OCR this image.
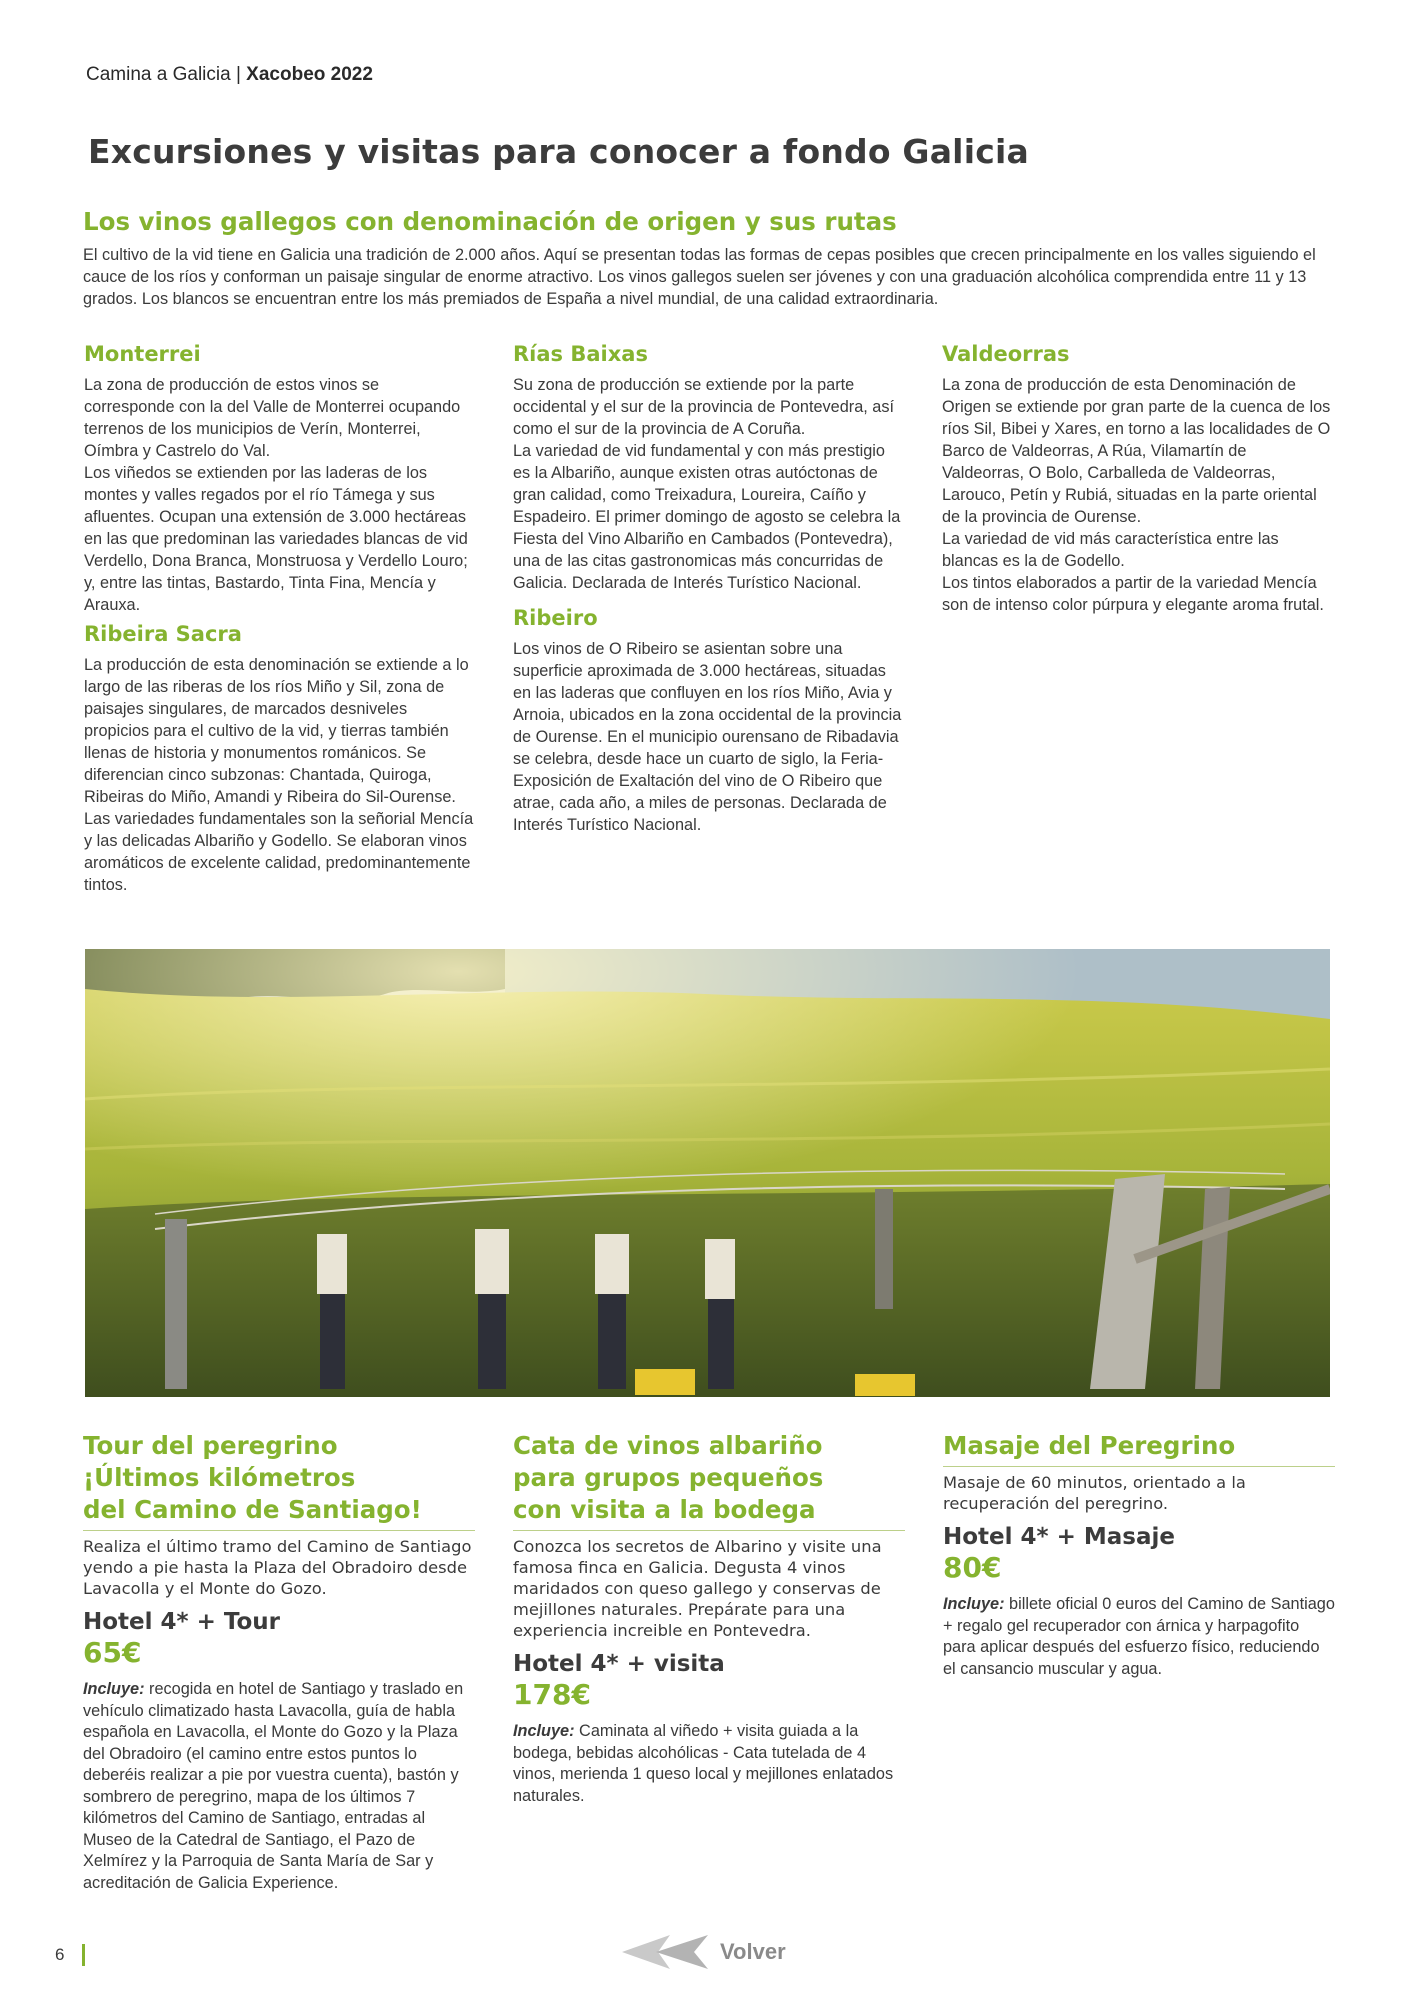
Camina a Galicia | Xacobeo 2022
Excursiones y visitas para conocer a fondo Galicia
Los vinos gallegos con denominación de origen y sus rutas

El cultivo de la vid tiene en Galicia una tradición de 2.000 años. Aquí se presentan todas las formas de cepas posibles que crecen principalmente en los valles siguiendo el cauce de los ríos y conforman un paisaje singular de enorme atractivo. Los vinos gallegos suelen ser jóvenes y con una graduación alcohólica comprendida entre 11 y 13 grados. Los blancos se encuentran entre los más premiados de España a nivel mundial, de una calidad extraordinaria.

Monterrei

La zona de producción de estos vinos se corresponde con la del Valle de Monterrei ocupando terrenos de los municipios de Verín, Monterrei, Oímbra y Castrelo do Val.

Los viñedos se extienden por las laderas de los montes y valles regados por el río Támega y sus afluentes. Ocupan una extensión de 3.000 hectáreas en las que predominan las variedades blancas de vid Verdello, Dona Branca, Monstruosa y Verdello Louro; y, entre las tintas, Bastardo, Tinta Fina, Mencía y Arauxa.

Ribeira Sacra

La producción de esta denominación se extiende a lo largo de las riberas de los ríos Miño y Sil, zona de paisajes singulares, de marcados desniveles propicios para el cultivo de la vid, y tierras también llenas de historia y monumentos románicos. Se diferencian cinco subzonas: Chantada, Quiroga, Ribeiras do Miño, Amandi y Ribeira do Sil-Ourense. Las variedades fundamentales son la señorial Mencía y las delicadas Albariño y Godello. Se elaboran vinos aromáticos de excelente calidad, predominantemente tintos.

Rías Baixas

Su zona de producción se extiende por la parte occidental y el sur de la provincia de Pontevedra, así como el sur de la provincia de A Coruña.

La variedad de vid fundamental y con más prestigio es la Albariño, aunque existen otras autóctonas de gran calidad, como Treixadura, Loureira, Caíño y Espadeiro. El primer domingo de agosto se celebra la Fiesta del Vino Albariño en Cambados (Pontevedra), una de las citas gastronomicas más concurridas de Galicia. Declarada de Interés Turístico Nacional.

Ribeiro

Los vinos de O Ribeiro se asientan sobre una superficie aproximada de 3.000 hectáreas, situadas en las laderas que confluyen en los ríos Miño, Avia y Arnoia, ubicados en la zona occidental de la provincia de Ourense. En el municipio ourensano de Ribadavia se celebra, desde hace un cuarto de siglo, la Feria-Exposición de Exaltación del vino de O Ribeiro que atrae, cada año, a miles de personas. Declarada de Interés Turístico Nacional.

Valdeorras

La zona de producción de esta Denominación de Origen se extiende por gran parte de la cuenca de los ríos Sil, Bibei y Xares, en torno a las localidades de O Barco de Valdeorras, A Rúa, Vilamartín de Valdeorras, O Bolo, Carballeda de Valdeorras, Larouco, Petín y Rubiá, situadas en la parte oriental de la provincia de Ourense.

La variedad de vid más característica entre las blancas es la de Godello.

Los tintos elaborados a partir de la variedad Mencía son de intenso color púrpura y elegante aroma frutal.

Tour del peregrino
¡Últimos kilómetros
del Camino de Santiago!

Realiza el último tramo del Camino de Santiago yendo a pie hasta la Plaza del Obradoiro desde Lavacolla y el Monte do Gozo.

Hotel 4* + Tour
65€

Incluye: recogida en hotel de Santiago y traslado en vehículo climatizado hasta Lavacolla, guía de habla española en Lavacolla, el Monte do Gozo y la Plaza del Obradoiro (el camino entre estos puntos lo deberéis realizar a pie por vuestra cuenta), bastón y sombrero de peregrino, mapa de los últimos 7 kilómetros del Camino de Santiago, entradas al Museo de la Catedral de Santiago, el Pazo de Xelmírez y la Parroquia de Santa María de Sar y acreditación de Galicia Experience.

Cata de vinos albariño
para grupos pequeños
con visita a la bodega

Conozca los secretos de Albarino y visite una famosa finca en Galicia. Degusta 4 vinos maridados con queso gallego y conservas de mejillones naturales. Prepárate para una experiencia increible en Pontevedra.

Hotel 4* + visita
178€

Incluye: Caminata al viñedo + visita guiada a la bodega, bebidas alcohólicas - Cata tutelada de 4 vinos, merienda 1 queso local y mejillones enlatados naturales.

Masaje del Peregrino

Masaje de 60 minutos, orientado a la recuperación del peregrino.

Hotel 4* + Masaje
80€

Incluye: billete oficial 0 euros del Camino de Santiago + regalo gel recuperador con árnica y harpagofito para aplicar después del esfuerzo físico, reduciendo el cansancio muscular y agua.

6	Volver
